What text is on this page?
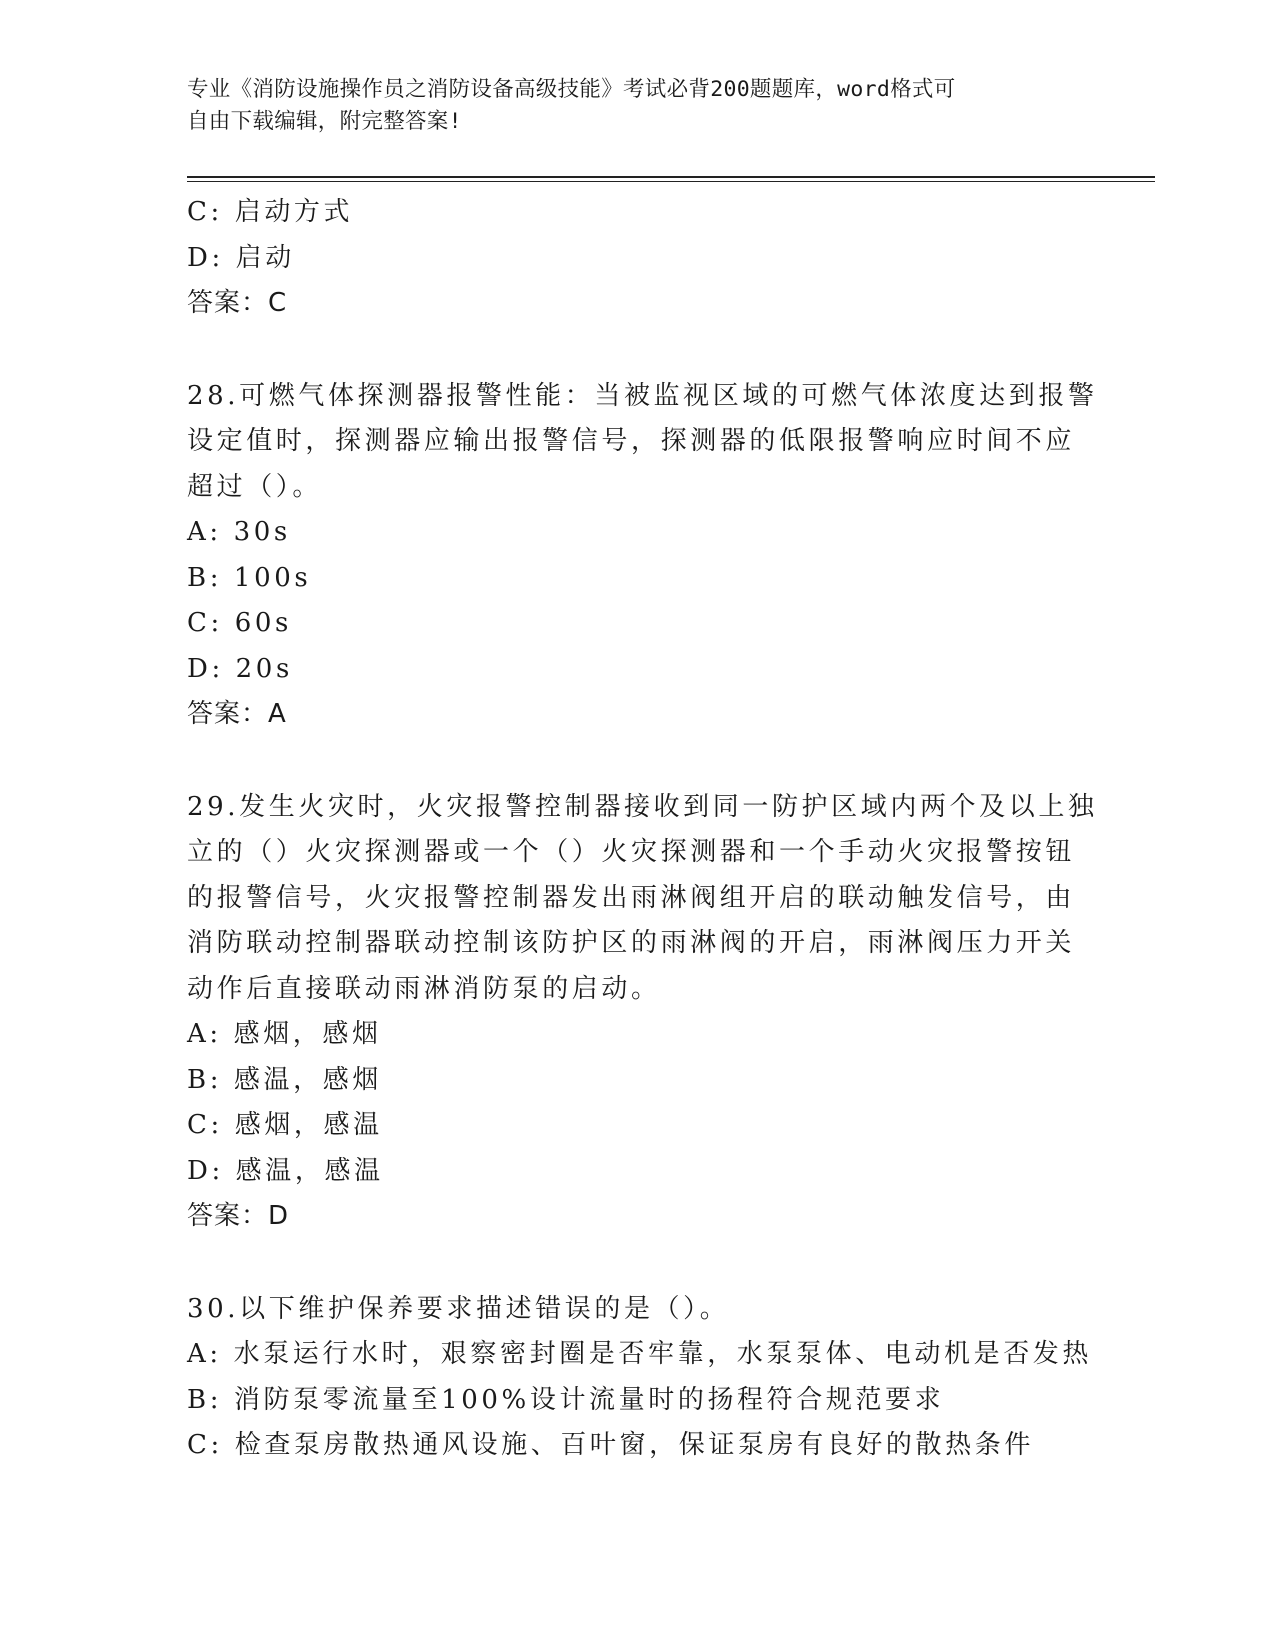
专业《消防设施操作员之消防设备高级技能》考试必背200题题库，word格式可
自由下载编辑，附完整答案!
C: 启动方式
D: 启动
答案：C
28.可燃气体探测器报警性能：当被监视区域的可燃气体浓度达到报警
设定值时，探测器应输出报警信号，探测器的低限报警响应时间不应
超过（）。
A: 30s
B: 100s
C: 60s
D: 20s
答案：A
29.发生火灾时，火灾报警控制器接收到同一防护区域内两个及以上独
立的（）火灾探测器或一个（）火灾探测器和一个手动火灾报警按钮
的报警信号，火灾报警控制器发出雨淋阀组开启的联动触发信号，由
消防联动控制器联动控制该防护区的雨淋阀的开启，雨淋阀压力开关
动作后直接联动雨淋消防泵的启动。
A: 感烟，感烟
B: 感温，感烟
C: 感烟，感温
D: 感温，感温
答案：D
30.以下维护保养要求描述错误的是（）。
A: 水泵运行水时，艰察密封圈是否牢靠，水泵泵体、电动机是否发热
B: 消防泵零流量至100%设计流量时的扬程符合规范要求
C: 检查泵房散热通风设施、百叶窗，保证泵房有良好的散热条件
